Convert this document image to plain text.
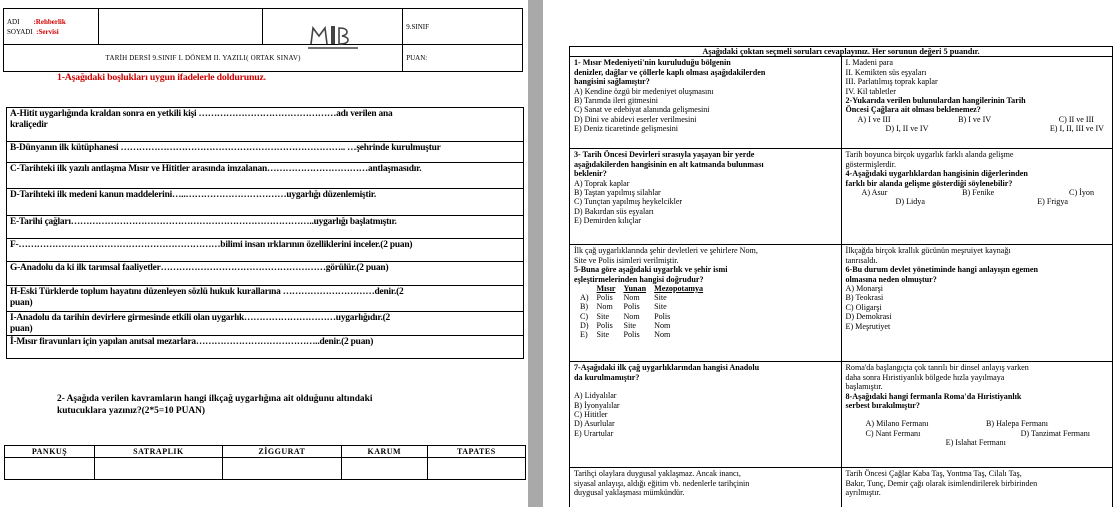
ADI :Rehberlik
SOYADI :Servisi			9.SINIF
TARİH DERSİ 9.SINIF I. DÖNEM II. YAZILI( ORTAK SINAV)			PUAN:
1-Aşağıdaki boşlukları uygun ifadelerle doldurunuz.
A-Hitit uygarlığında kraldan sonra en yetkili kişi ………………………………………adı verilen ana
kraliçedir
B-Dünyanın ilk kütüphanesi ……………………………………………………………….. …şehrinde kurulmuştur
C-Tarihteki ilk yazılı antlaşma Mısır ve Hititler arasında imzalanan……………………………antlaşmasıdır.
D-Tarihteki ilk medeni kanun maddelerini…..……………………………uygarlığı düzenlemiştir.
E-Tarihi çağları……………………………………………………………………..uygarlığı başlatmıştır.
F-…………………………………………………………bilimi insan ırklarının özelliklerini inceler.(2 puan)
G-Anadolu da ki ilk tarımsal faaliyetler………………………………………………görülür.(2 puan)
H-Eski Türklerde toplum hayatını düzenleyen sözlü hukuk kurallarına …………………………denir.(2
puan)
I-Anadolu da tarihin devirlere girmesinde etkili olan uygarlık…………………………uygarlığıdır.(2
puan)
İ-Mısır firavunları için yapılan anıtsal mezarlara…………………………………..denir.(2 puan)
2- Aşağıda verilen kavramların hangi ilkçağ uygarlığına ait olduğunu altındaki
kutucuklara yazınız?(2*5=10 PUAN)
PANKUŞ	SATRAPLIK	ZİGGURAT	KARUM	TAPATES

Aşağıdaki çoktan seçmeli soruları cevaplayınız. Her sorunun değeri 5 puandır.

1- Mısır Medeniyeti'nin kuruluduğu bölgenin
denizler, dağlar ve çöllerle kaplı olması aşağıdakilerden
hangisini sağlamıştır?
A) Kendine özgü bir medeniyet oluşmasını
B) Tarımda ileri gitmesini
C) Sanat ve edebiyat alanında gelişmesini
D) Dini ve abidevi eserler verilmesini
E) Deniz ticaretinde gelişmesini

I. Madeni para
II. Kemikten süs eşyaları
III. Parlatılmış toprak kaplar
IV. Kil tabletler
2-Yukarıda verilen bulunulardan hangilerinin Tarih
Öncesi Çağlara ait olması beklenemez?
A) I ve III	B) I ve IV	C) II ve III
D) I, II ve IV	E) I, II, III ve IV

3- Tarih Öncesi Devirleri sırasıyla yaşayan bir yerde
aşağıdakilerden hangisinin en alt katmanda bulunması
beklenir?
A) Toprak kaplar
B) Taştan yapılmış silahlar
C) Tunçtan yapılmış heykelcikler
D) Bakırdan süs eşyaları
E) Demirden kılıçlar

Tarih boyunca birçok uygarlık farklı alanda gelişme
göstermişlerdir.
4-Aşağıdaki uygarlıklardan hangisinin diğerlerinden
farklı bir alanda gelişme gösterdiği söylenebilir?
A) Asur	B) Fenike	C) İyon
D) Lidya	E) Frigya

İlk çağ uygarlıklarında şehir devletleri ve şehirlere Nom,
Site ve Polis isimleri verilmiştir.
5-Buna göre aşağıdaki uygarlık ve şehir ismi
eşleştirmelerinden hangisi doğrudur?
	Mısır	Yunan	Mezopotamya
A)	Polis	Nom	Site
B)	Nom	Polis	Site
C)	Site	Nom	Polis
D)	Polis	Site	Nom
E)	Site	Polis	Nom

İlkçağda birçok krallık gücünün meşruiyet kaynağı
tanrısaldı.
6-Bu durum devlet yönetiminde hangi anlayışın egemen
olmasına neden olmuştur?
A) Monarşi
B) Teokrasi
C) Oligarşi
D) Demokrasi
E) Meşrutiyet

7-Aşağıdaki ilk çağ uygarlıklarından hangisi Anadolu
da kurulmamıştır?
A) Lidyalılar
B) İyonyalılar
C) Hititler
D) Asurlular
E) Urartular

Roma'da başlangıçta çok tanrılı bir dinsel anlayış varken
daha sonra Hıristiyanlık bölgede hızla yayılmaya
başlamıştır.
8-Aşağıdaki hangi fermanla Roma'da Hıristiyanlık
serbest bırakılmıştır?
A) Milano Fermanı	B) Halepa Fermanı
C) Nant Fermanı	D) Tanzimat Fermanı
E) Islahat Fermanı

Tarihçi olaylara duygusal yaklaşmaz. Ancak inancı,
siyasal anlayışı, aldığı eğitim vb. nedenlerle tarihçinin
duygusal yaklaşması mümkündür.

Tarih Öncesi Çağlar Kaba Taş, Yontma Taş, Cilalı Taş,
Bakır, Tunç, Demir çağı olarak isimlendirilerek birbirinden
ayrılmıştır.
